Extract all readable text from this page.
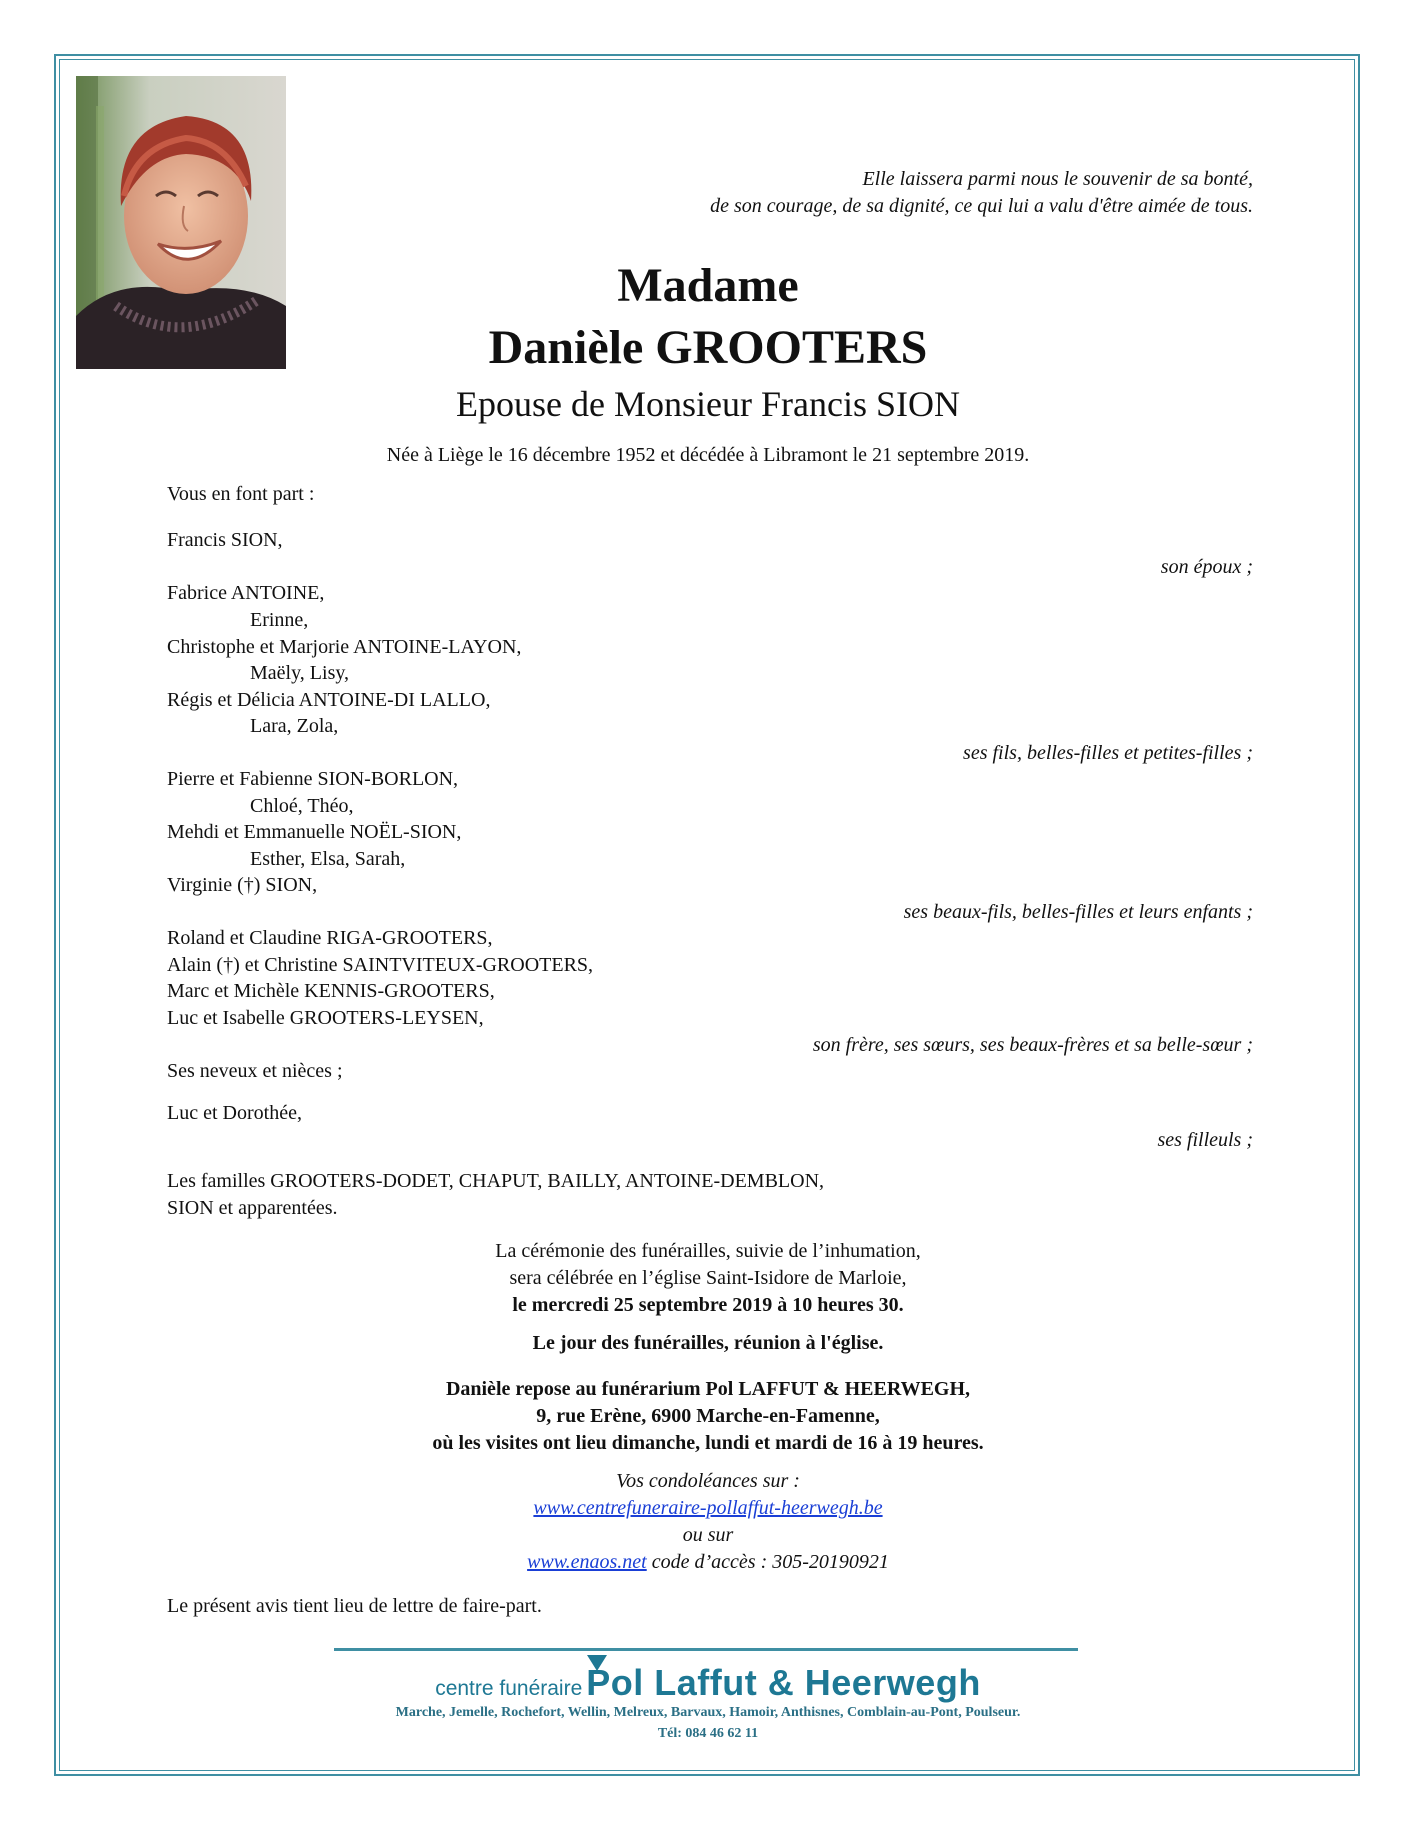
Elle laissera parmi nous le souvenir de sa bonté,
de son courage, de sa dignité, ce qui lui a valu d'être aimée de tous.
Madame
Danièle GROOTERS
Epouse de Monsieur Francis SION
Née à Liège le 16 décembre 1952 et décédée à Libramont le 21 septembre 2019.
Vous en font part :
Francis SION,
son époux ;
Fabrice ANTOINE,
Erinne,
Christophe et Marjorie ANTOINE-LAYON,
Maëly, Lisy,
Régis et Délicia ANTOINE-DI LALLO,
Lara, Zola,
ses fils, belles-filles et petites-filles ;
Pierre et Fabienne SION-BORLON,
Chloé, Théo,
Mehdi et Emmanuelle NOËL-SION,
Esther, Elsa, Sarah,
Virginie (†) SION,
ses beaux-fils, belles-filles et leurs enfants ;
Roland et Claudine RIGA-GROOTERS,
Alain (†) et Christine SAINTVITEUX-GROOTERS,
Marc et Michèle KENNIS-GROOTERS,
Luc et Isabelle GROOTERS-LEYSEN,
son frère, ses sœurs, ses beaux-frères et sa belle-sœur ;
Ses neveux et nièces ;
Luc et Dorothée,
ses filleuls ;
Les familles GROOTERS-DODET, CHAPUT, BAILLY, ANTOINE-DEMBLON,
SION et apparentées.
La cérémonie des funérailles, suivie de l’inhumation,
sera célébrée en l’église Saint-Isidore de Marloie,
le mercredi 25 septembre 2019 à 10 heures 30.
Le jour des funérailles, réunion à l'église.
Danièle repose au funérarium Pol LAFFUT & HEERWEGH,
9, rue Erène, 6900 Marche-en-Famenne,
où les visites ont lieu dimanche, lundi et mardi de 16 à 19 heures.
Vos condoléances sur :
www.centrefuneraire-pollaffut-heerwegh.be
ou sur
www.enaos.net code d’accès : 305-20190921
Le présent avis tient lieu de lettre de faire-part.
centre funéraire Pol Laffut & Heerwegh
Marche, Jemelle, Rochefort, Wellin, Melreux, Barvaux, Hamoir, Anthisnes, Comblain-au-Pont, Poulseur.
Tél: 084 46 62 11
